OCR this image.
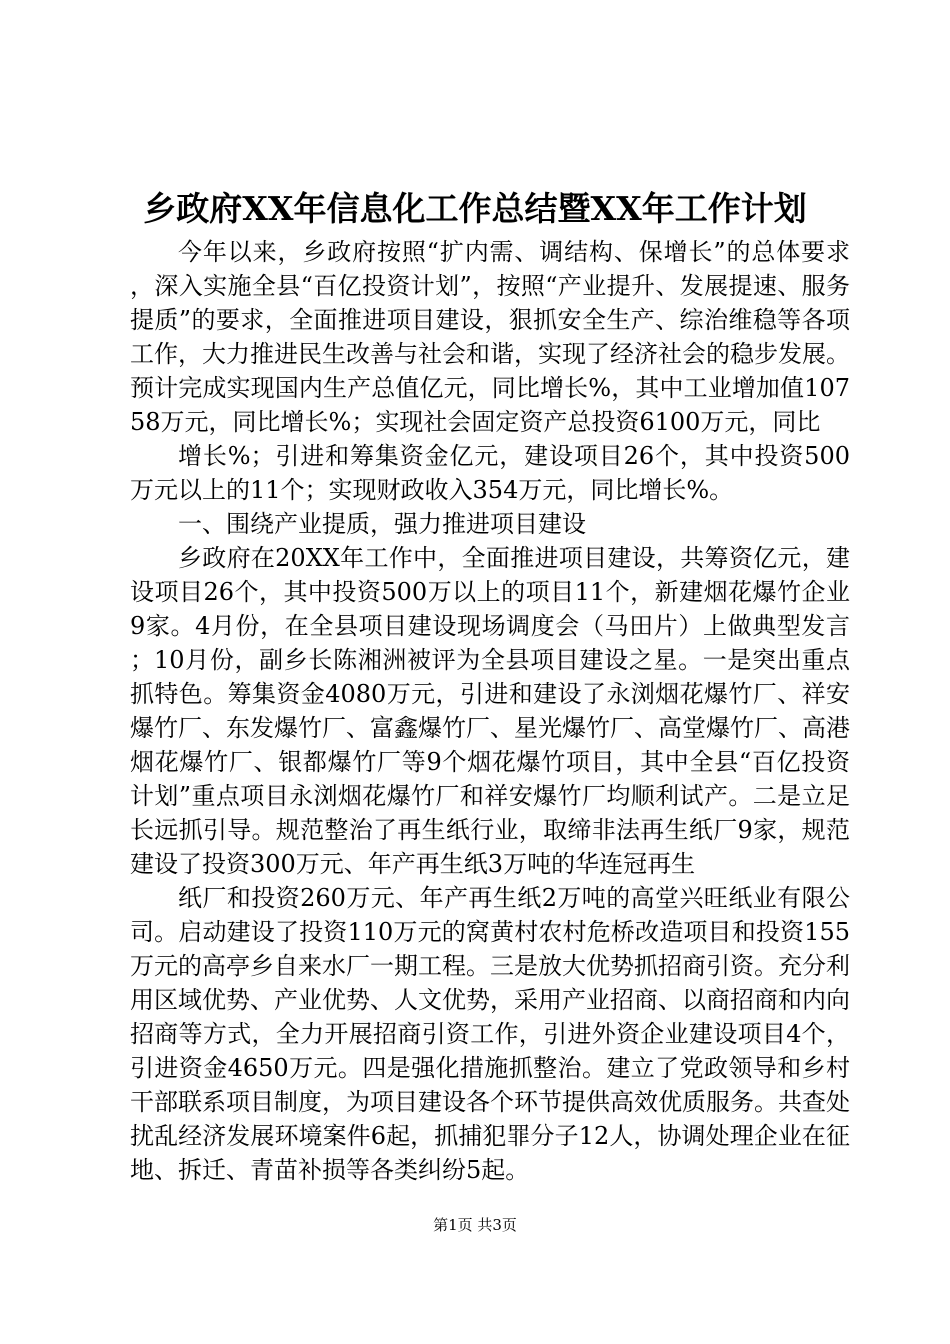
乡政府XX年信息化工作总结暨XX年工作计划

今年以来，乡政府按照“扩内需、调结构、保增长”的总体要求，深入实施全县“百亿投资计划”，按照“产业提升、发展提速、服务提质”的要求，全面推进项目建设，狠抓安全生产、综治维稳等各项工作，大力推进民生改善与社会和谐，实现了经济社会的稳步发展。预计完成实现国内生产总值亿元，同比增长%，其中工业增加值10758万元，同比增长%；实现社会固定资产总投资6100万元，同比

增长%；引进和筹集资金亿元，建设项目26个，其中投资500万元以上的11个；实现财政收入354万元，同比增长%。

一、围绕产业提质，强力推进项目建设

乡政府在20XX年工作中，全面推进项目建设，共筹资亿元，建设项目26个，其中投资500万以上的项目11个，新建烟花爆竹企业9家。4月份，在全县项目建设现场调度会（马田片）上做典型发言；10月份，副乡长陈湘洲被评为全县项目建设之星。一是突出重点抓特色。筹集资金4080万元，引进和建设了永浏烟花爆竹厂、祥安爆竹厂、东发爆竹厂、富鑫爆竹厂、星光爆竹厂、高堂爆竹厂、高港烟花爆竹厂、银都爆竹厂等9个烟花爆竹项目，其中全县“百亿投资计划”重点项目永浏烟花爆竹厂和祥安爆竹厂均顺利试产。二是立足长远抓引导。规范整治了再生纸行业，取缔非法再生纸厂9家，规范建设了投资300万元、年产再生纸3万吨的华连冠再生

纸厂和投资260万元、年产再生纸2万吨的高堂兴旺纸业有限公司。启动建设了投资110万元的窝黄村农村危桥改造项目和投资155万元的高亭乡自来水厂一期工程。三是放大优势抓招商引资。充分利用区域优势、产业优势、人文优势，采用产业招商、以商招商和内向招商等方式，全力开展招商引资工作，引进外资企业建设项目4个，引进资金4650万元。四是强化措施抓整治。建立了党政领导和乡村干部联系项目制度，为项目建设各个环节提供高效优质服务。共查处扰乱经济发展环境案件6起，抓捕犯罪分子12人，协调处理企业在征地、拆迁、青苗补损等各类纠纷5起。

第1页 共3页
